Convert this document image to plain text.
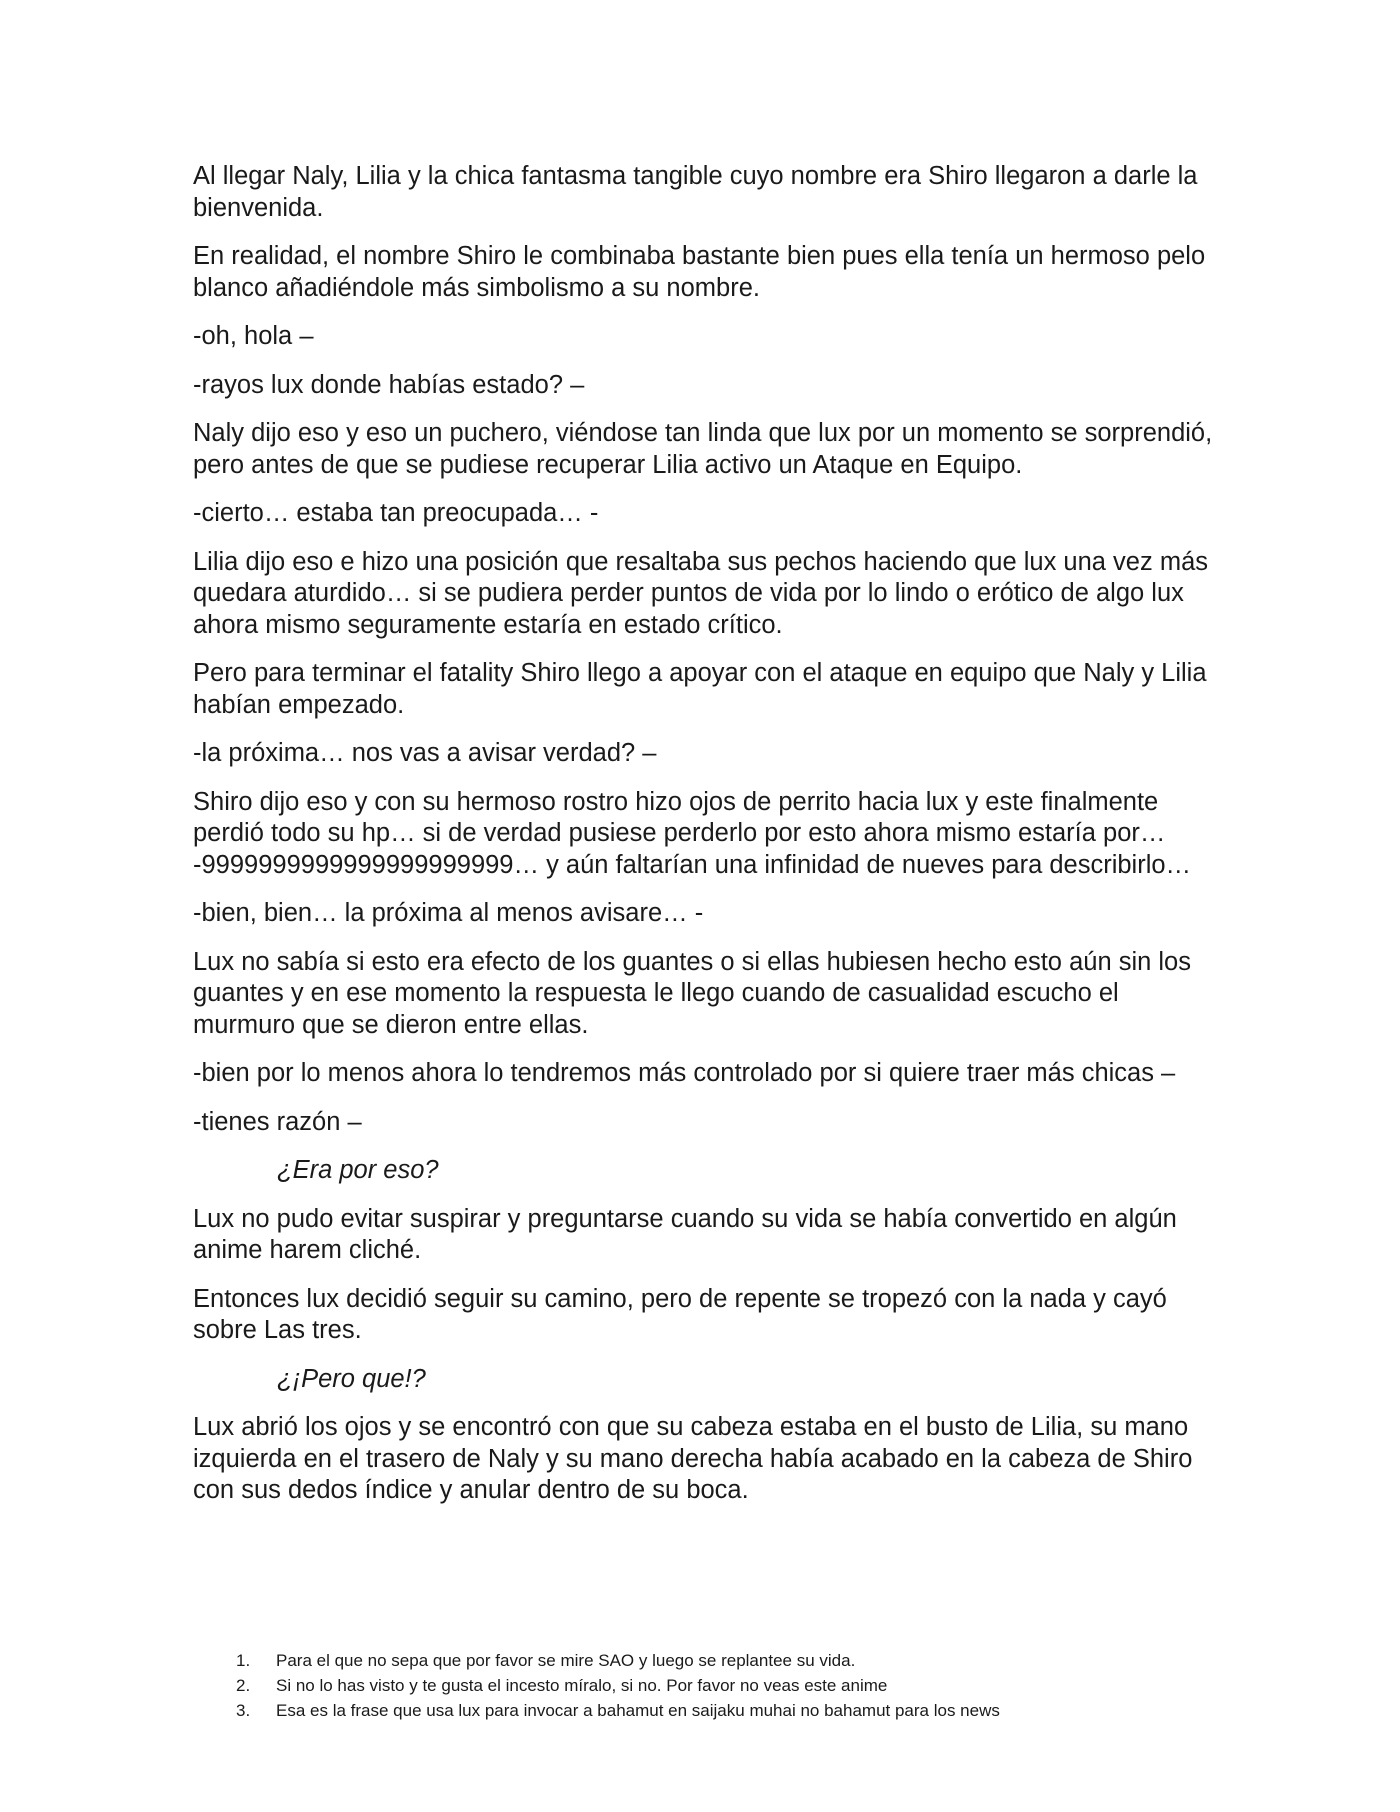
Al llegar Naly, Lilia y la chica fantasma tangible cuyo nombre era Shiro llegaron a darle la bienvenida.

En realidad, el nombre Shiro le combinaba bastante bien pues ella tenía un hermoso pelo blanco añadiéndole más simbolismo a su nombre.

-oh, hola –

-rayos lux donde habías estado? –

Naly dijo eso y eso un puchero, viéndose tan linda que lux por un momento se sorprendió, pero antes de que se pudiese recuperar Lilia activo un Ataque en Equipo.

-cierto… estaba tan preocupada… -

Lilia dijo eso e hizo una posición que resaltaba sus pechos haciendo que lux una vez más quedara aturdido… si se pudiera perder puntos de vida por lo lindo o erótico de algo lux ahora mismo seguramente estaría en estado crítico.

Pero para terminar el fatality Shiro llego a apoyar con el ataque en equipo que Naly y Lilia habían empezado.

-la próxima… nos vas a avisar verdad? –

Shiro dijo eso y con su hermoso rostro hizo ojos de perrito hacia lux y este finalmente perdió todo su hp… si de verdad pusiese perderlo por esto ahora mismo estaría por… -9999999999999999999999… y aún faltarían una infinidad de nueves para describirlo…

-bien, bien… la próxima al menos avisare… -

Lux no sabía si esto era efecto de los guantes o si ellas hubiesen hecho esto aún sin los guantes y en ese momento la respuesta le llego cuando de casualidad escucho el murmuro que se dieron entre ellas.

-bien por lo menos ahora lo tendremos más controlado por si quiere traer más chicas –

-tienes razón –

¿Era por eso?

Lux no pudo evitar suspirar y preguntarse cuando su vida se había convertido en algún anime harem cliché.

Entonces lux decidió seguir su camino, pero de repente se tropezó con la nada y cayó sobre Las tres.

¿¡Pero que!?

Lux abrió los ojos y se encontró con que su cabeza estaba en el busto de Lilia, su mano izquierda en el trasero de Naly y su mano derecha había acabado en la cabeza de Shiro con sus dedos índice y anular dentro de su boca.

1. Para el que no sepa que por favor se mire SAO y luego se replantee su vida.
2. Si no lo has visto y te gusta el incesto míralo, si no. Por favor no veas este anime
3. Esa es la frase que usa lux para invocar a bahamut en saijaku muhai no bahamut para los news
